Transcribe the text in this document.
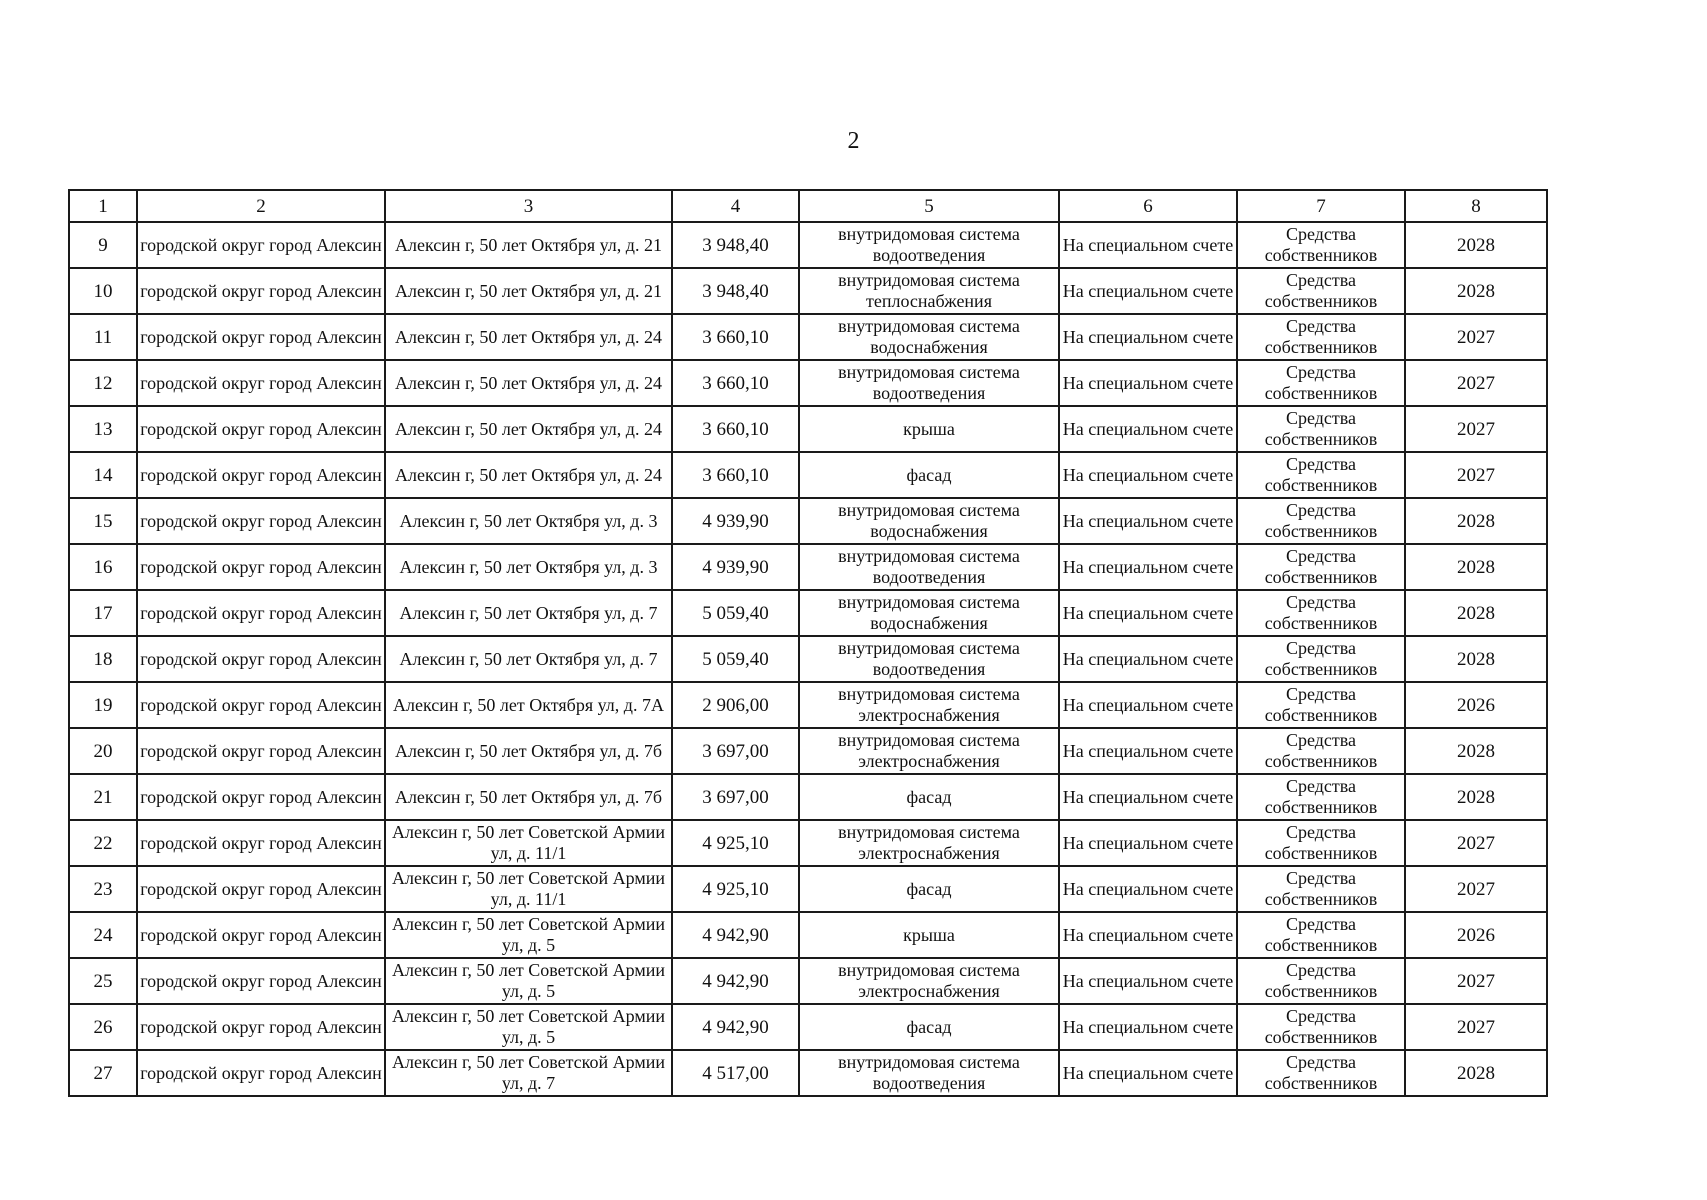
2
1	2	3	4	5	6	7	8
9	городской округ город Алексин	Алексин г, 50 лет Октября ул, д. 21	3 948,40	внутридомовая система водоотведения	На специальном счете	Средства собственников	2028
10	городской округ город Алексин	Алексин г, 50 лет Октября ул, д. 21	3 948,40	внутридомовая система теплоснабжения	На специальном счете	Средства собственников	2028
11	городской округ город Алексин	Алексин г, 50 лет Октября ул, д. 24	3 660,10	внутридомовая система водоснабжения	На специальном счете	Средства собственников	2027
12	городской округ город Алексин	Алексин г, 50 лет Октября ул, д. 24	3 660,10	внутридомовая система водоотведения	На специальном счете	Средства собственников	2027
13	городской округ город Алексин	Алексин г, 50 лет Октября ул, д. 24	3 660,10	крыша	На специальном счете	Средства собственников	2027
14	городской округ город Алексин	Алексин г, 50 лет Октября ул, д. 24	3 660,10	фасад	На специальном счете	Средства собственников	2027
15	городской округ город Алексин	Алексин г, 50 лет Октября ул, д. 3	4 939,90	внутридомовая система водоснабжения	На специальном счете	Средства собственников	2028
16	городской округ город Алексин	Алексин г, 50 лет Октября ул, д. 3	4 939,90	внутридомовая система водоотведения	На специальном счете	Средства собственников	2028
17	городской округ город Алексин	Алексин г, 50 лет Октября ул, д. 7	5 059,40	внутридомовая система водоснабжения	На специальном счете	Средства собственников	2028
18	городской округ город Алексин	Алексин г, 50 лет Октября ул, д. 7	5 059,40	внутридомовая система водоотведения	На специальном счете	Средства собственников	2028
19	городской округ город Алексин	Алексин г, 50 лет Октября ул, д. 7А	2 906,00	внутридомовая система электроснабжения	На специальном счете	Средства собственников	2026
20	городской округ город Алексин	Алексин г, 50 лет Октября ул, д. 7б	3 697,00	внутридомовая система электроснабжения	На специальном счете	Средства собственников	2028
21	городской округ город Алексин	Алексин г, 50 лет Октября ул, д. 7б	3 697,00	фасад	На специальном счете	Средства собственников	2028
22	городской округ город Алексин	Алексин г, 50 лет Советской Армии ул, д. 11/1	4 925,10	внутридомовая система электроснабжения	На специальном счете	Средства собственников	2027
23	городской округ город Алексин	Алексин г, 50 лет Советской Армии ул, д. 11/1	4 925,10	фасад	На специальном счете	Средства собственников	2027
24	городской округ город Алексин	Алексин г, 50 лет Советской Армии ул, д. 5	4 942,90	крыша	На специальном счете	Средства собственников	2026
25	городской округ город Алексин	Алексин г, 50 лет Советской Армии ул, д. 5	4 942,90	внутридомовая система электроснабжения	На специальном счете	Средства собственников	2027
26	городской округ город Алексин	Алексин г, 50 лет Советской Армии ул, д. 5	4 942,90	фасад	На специальном счете	Средства собственников	2027
27	городской округ город Алексин	Алексин г, 50 лет Советской Армии ул, д. 7	4 517,00	внутридомовая система водоотведения	На специальном счете	Средства собственников	2028
